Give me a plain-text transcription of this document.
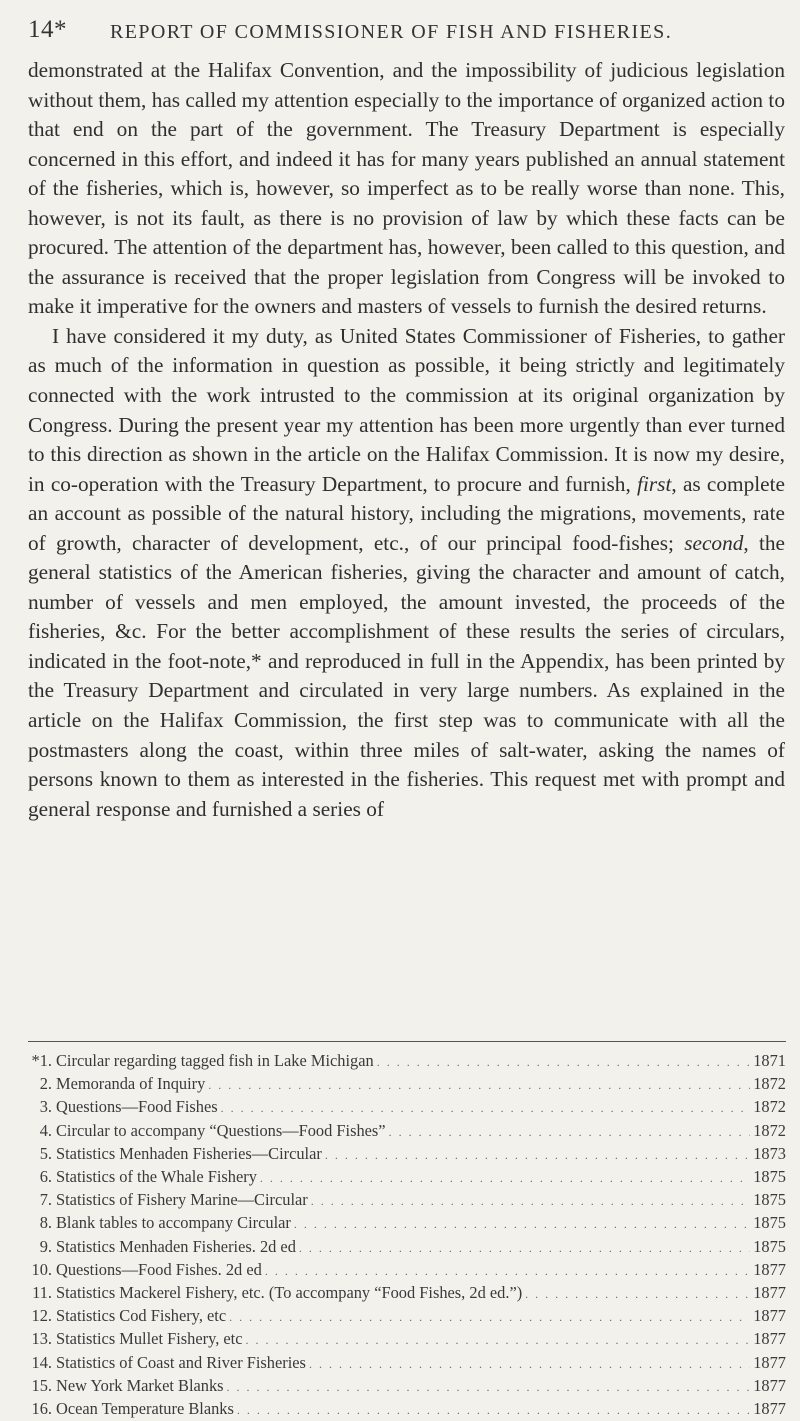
14* REPORT OF COMMISSIONER OF FISH AND FISHERIES.

demonstrated at the Halifax Convention, and the impossibility of judicious legislation without them, has called my attention especially to the importance of organized action to that end on the part of the government. The Treasury Department is especially concerned in this effort, and indeed it has for many years published an annual statement of the fisheries, which is, however, so imperfect as to be really worse than none. This, however, is not its fault, as there is no provision of law by which these facts can be procured. The attention of the department has, however, been called to this question, and the assurance is received that the proper legislation from Congress will be invoked to make it imperative for the owners and masters of vessels to furnish the desired returns.

I have considered it my duty, as United States Commissioner of Fisheries, to gather as much of the information in question as possible, it being strictly and legitimately connected with the work intrusted to the commission at its original organization by Congress. During the present year my attention has been more urgently than ever turned to this direction as shown in the article on the Halifax Commission. It is now my desire, in co-operation with the Treasury Department, to procure and furnish, first, as complete an account as possible of the natural history, including the migrations, movements, rate of growth, character of development, etc., of our principal food-fishes; second, the general statistics of the American fisheries, giving the character and amount of catch, number of vessels and men employed, the amount invested, the proceeds of the fisheries, &c. For the better accomplishment of these results the series of circulars, indicated in the foot-note,* and reproduced in full in the Appendix, has been printed by the Treasury Department and circulated in very large numbers. As explained in the article on the Halifax Commission, the first step was to communicate with all the postmasters along the coast, within three miles of salt-water, asking the names of persons known to them as interested in the fisheries. This request met with prompt and general response and furnished a series of

*1. Circular regarding tagged fish in Lake Michigan . . .	1871
2. Memoranda of Inquiry . . .	1872
3. Questions—Food Fishes . . .	1872
4. Circular to accompany “Questions—Food Fishes” . . .	1872
5. Statistics Menhaden Fisheries—Circular . . .	1873
6. Statistics of the Whale Fishery . . .	1875
7. Statistics of Fishery Marine—Circular . . .	1875
8. Blank tables to accompany Circular . . .	1875
9. Statistics Menhaden Fisheries. 2d ed . . .	1875
10. Questions—Food Fishes. 2d ed . . .	1877
11. Statistics Mackerel Fishery, etc. (To accompany “Food Fishes, 2d ed.”) . . .	1877
12. Statistics Cod Fishery, etc . . .	1877
13. Statistics Mullet Fishery, etc . . .	1877
14. Statistics of Coast and River Fisheries . . .	1877
15. New York Market Blanks . . .	1877
16. Ocean Temperature Blanks . . .	1877
